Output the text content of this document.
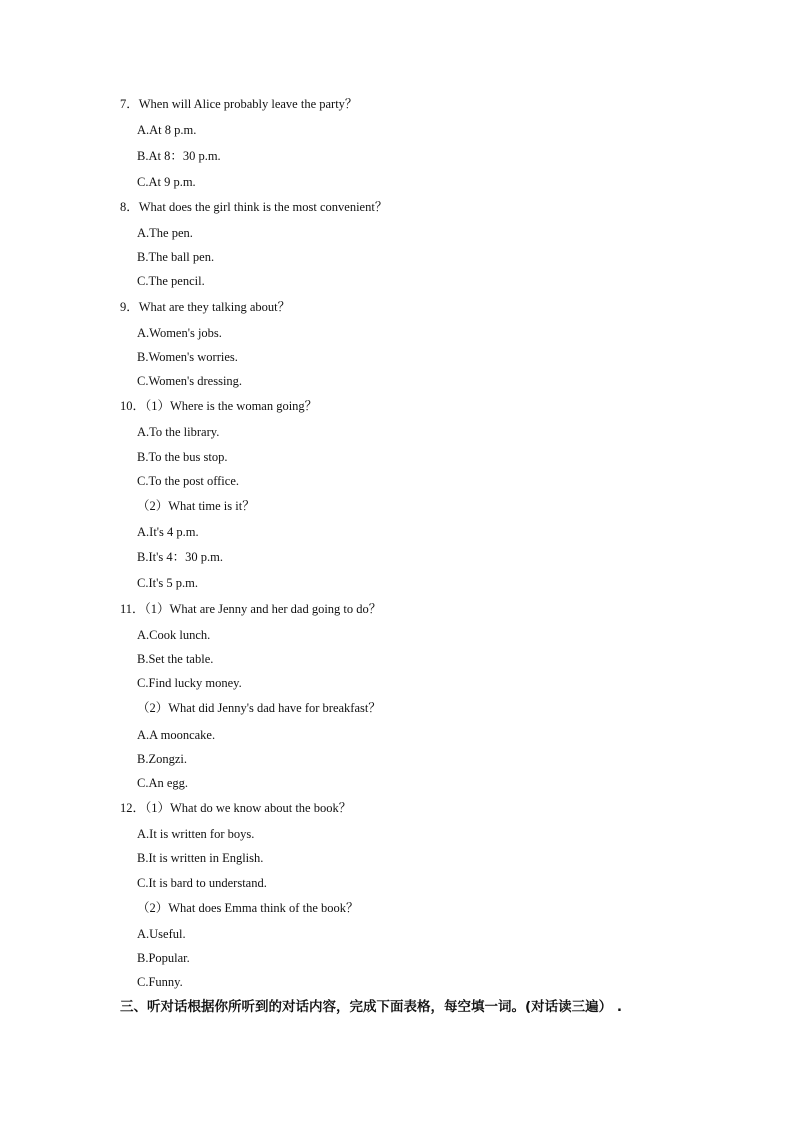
7．When will Alice probably leave the party？
A.At 8 p.m.
B.At 8：30 p.m.
C.At 9 p.m.
8．What does the girl think is the most convenient？
A.The pen.
B.The ball pen.
C.The pencil.
9．What are they talking about？
A.Women's jobs.
B.Women's worries.
C.Women's dressing.
10．（1）Where is the woman going？
A.To the library.
B.To the bus stop.
C.To the post office.
（2）What time is it？
A.It's 4 p.m.
B.It's 4：30 p.m.
C.It's 5 p.m.
11．（1）What are Jenny and her dad going to do？
A.Cook lunch.
B.Set the table.
C.Find lucky money.
（2）What did Jenny's dad have for breakfast？
A.A mooncake.
B.Zongzi.
C.An egg.
12．（1）What do we know about the book？
A.It is written for boys.
B.It is written in English.
C.It is bard to understand.
（2）What does Emma think of the book？
A.Useful.
B.Popular.
C.Funny.
三、听对话根据你所听到的对话内容，完成下面表格，每空填一词。(对话读三遍） .
